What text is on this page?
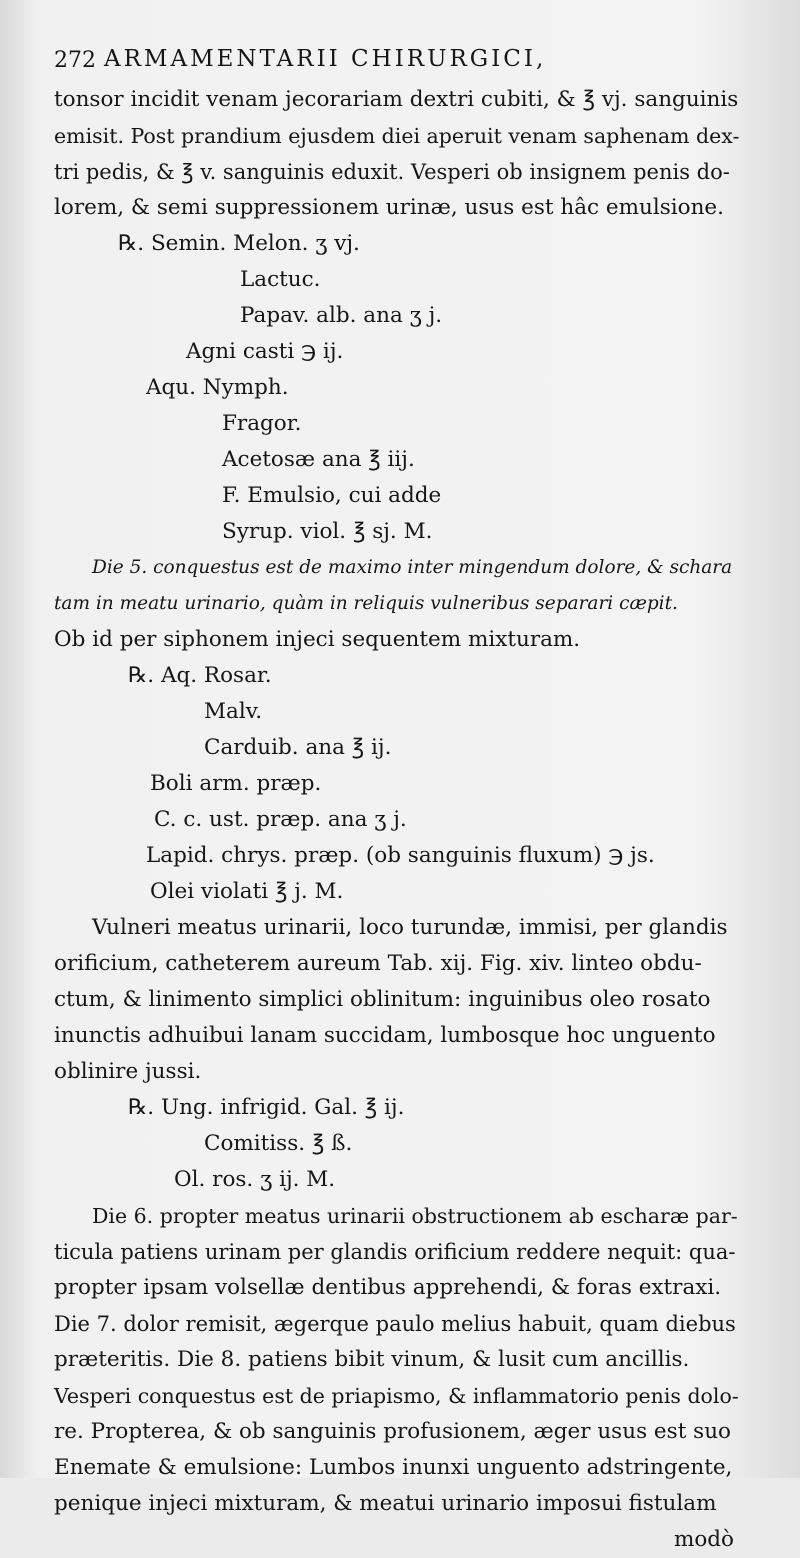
272 ARMAMENTARII CHIRURGICI,
tonsor incidit venam jecorariam dextri cubiti, & ℥ vj. sanguinis
emisit. Post prandium ejusdem diei aperuit venam saphenam dex-
tri pedis, & ℥ v. sanguinis eduxit. Vesperi ob insignem penis do-
lorem, & semi suppressionem urinæ, usus est hâc emulsione.
℞. Semin. Melon. ʒ vj.
Lactuc.
Papav. alb. ana ʒ j.
Agni casti ℈ ij.
Aqu. Nymph.
Fragor.
Acetosæ ana ℥ iij.
F. Emulsio, cui adde
Syrup. viol. ℥ sj. M.
Die 5. conquestus est de maximo inter mingendum dolore, & schara
tam in meatu urinario, quàm in reliquis vulneribus separari cæpit.
Ob id per siphonem injeci sequentem mixturam.
℞. Aq. Rosar.
Malv.
Carduib. ana ℥ ij.
Boli arm. præp.
C. c. ust. præp. ana ʒ j.
Lapid. chrys. præp. (ob sanguinis fluxum) ℈ js.
Olei violati ℥ j. M.
Vulneri meatus urinarii, loco turundæ, immisi, per glandis
orificium, catheterem aureum Tab. xij. Fig. xiv. linteo obdu-
ctum, & linimento simplici oblinitum: inguinibus oleo rosato
inunctis adhuibui lanam succidam, lumbosque hoc unguento
oblinire jussi.
℞. Ung. infrigid. Gal. ℥ ij.
Comitiss. ℥ ß.
Ol. ros. ʒ ij. M.
Die 6. propter meatus urinarii obstructionem ab escharæ par-
ticula patiens urinam per glandis orificium reddere nequit: qua-
propter ipsam volsellæ dentibus apprehendi, & foras extraxi.
Die 7. dolor remisit, ægerque paulo melius habuit, quam diebus
præteritis. Die 8. patiens bibit vinum, & lusit cum ancillis.
Vesperi conquestus est de priapismo, & inflammatorio penis dolo-
re. Propterea, & ob sanguinis profusionem, æger usus est suo
Enemate & emulsione: Lumbos inunxi unguento adstringente,
penique injeci mixturam, & meatui urinario imposui fistulam
modò
